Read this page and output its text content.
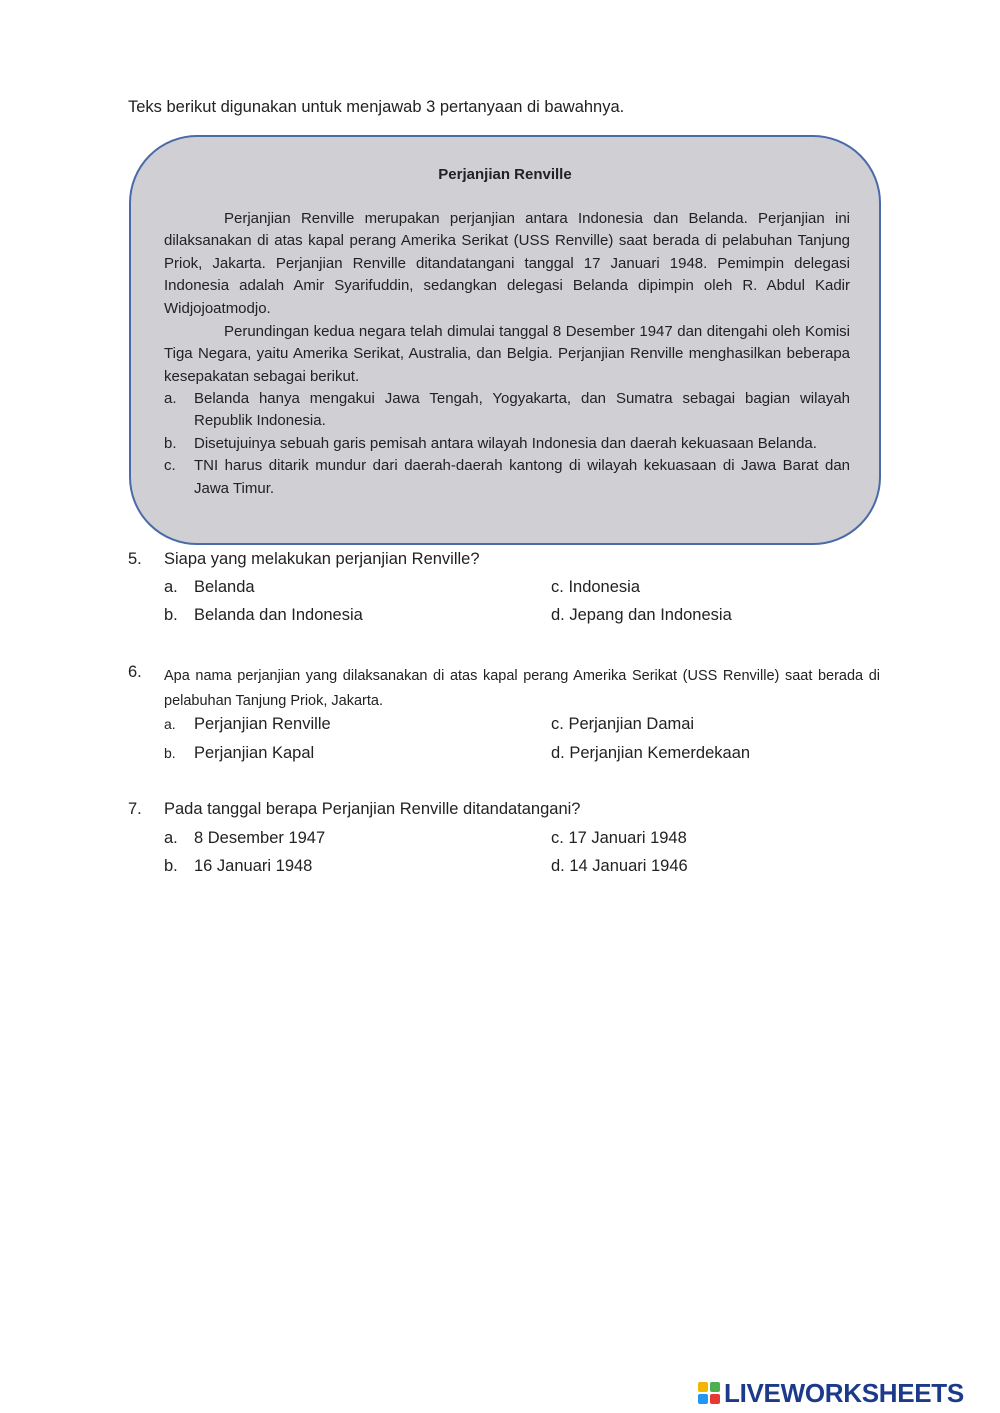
Teks berikut digunakan untuk menjawab 3 pertanyaan di bawahnya.
Perjanjian Renville

Perjanjian Renville merupakan perjanjian antara Indonesia dan Belanda. Perjanjian ini dilaksanakan di atas kapal perang Amerika Serikat (USS Renville) saat berada di pelabuhan Tanjung Priok, Jakarta. Perjanjian Renville ditandatangani tanggal 17 Januari 1948. Pemimpin delegasi Indonesia adalah Amir Syarifuddin, sedangkan delegasi Belanda dipimpin oleh R. Abdul Kadir Widjojoatmodjo.

Perundingan kedua negara telah dimulai tanggal 8 Desember 1947 dan ditengahi oleh Komisi Tiga Negara, yaitu Amerika Serikat, Australia, dan Belgia. Perjanjian Renville menghasilkan beberapa kesepakatan sebagai berikut.

a.	Belanda hanya mengakui Jawa Tengah, Yogyakarta, dan Sumatra sebagai bagian wilayah Republik Indonesia.
b.	Disetujuinya sebuah garis pemisah antara wilayah Indonesia dan daerah kekuasaan Belanda.
c.	TNI harus ditarik mundur dari daerah-daerah kantong di wilayah kekuasaan di Jawa Barat dan Jawa Timur.
5. Siapa yang melakukan perjanjian Renville?
a. Belanda
b. Belanda dan Indonesia
c. Indonesia
d. Jepang dan Indonesia
6. Apa nama perjanjian yang dilaksanakan di atas kapal perang Amerika Serikat (USS Renville) saat berada di pelabuhan Tanjung Priok, Jakarta.
a. Perjanjian Renville
b. Perjanjian Kapal
c. Perjanjian Damai
d. Perjanjian Kemerdekaan
7. Pada tanggal berapa Perjanjian Renville ditandatangani?
a. 8 Desember 1947
b. 16 Januari 1948
c. 17 Januari 1948
d. 14 Januari 1946
LIVEWORKSHEETS
